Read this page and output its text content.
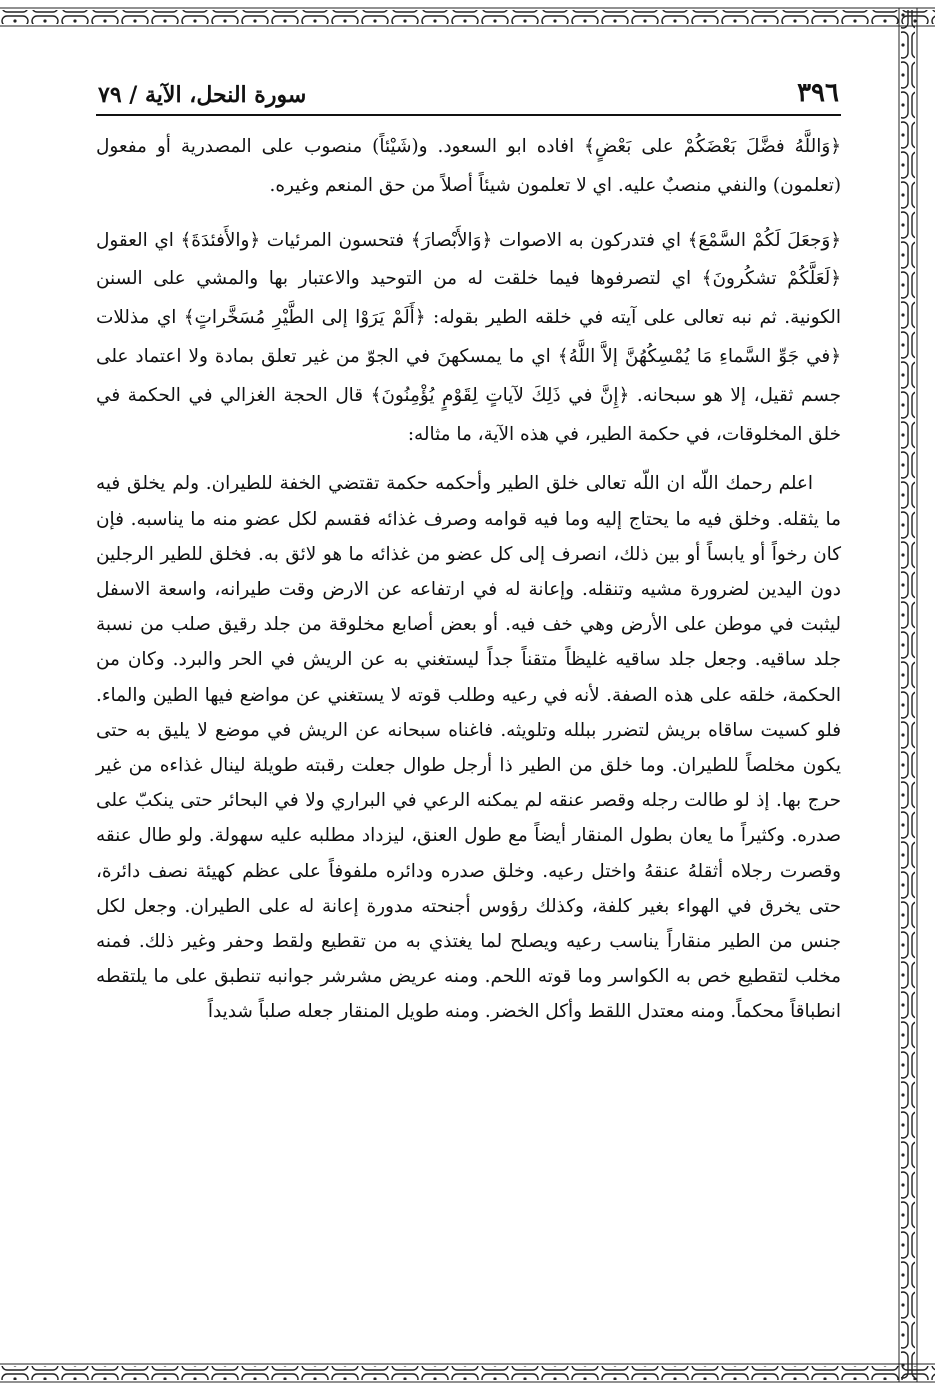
٣٩٦
سورة النحل، الآية / ٧٩

﴿وَاللَّهُ فضَّلَ بَعْضَكُمْ على بَعْضٍ﴾ افاده ابو السعود. و(شَيْئاً) منصوب على المصدرية أو مفعول (تعلمون) والنفي منصبٌ عليه. اي لا تعلمون شيئاً أصلاً من حق المنعم وغيره.

﴿وَجعَلَ لَكُمْ السَّمْعَ﴾ اي فتدركون به الاصوات ﴿وَالأَبْصارَ﴾ فتحسون المرئيات ﴿والأَفئدَةَ﴾ اي العقول ﴿لَعَلَّكُمْ تشكُرونَ﴾ اي لتصرفوها فيما خلقت له من التوحيد والاعتبار بها والمشي على السنن الكونية. ثم نبه تعالى على آيته في خلقه الطير بقوله: ﴿أَلَمْ يَرَوْا إلى الطَّيْرِ مُسَخَّراتٍ﴾ اي مذللات ﴿في جَوِّ السَّماءِ مَا يُمْسِكُهُنَّ إلاَّ اللَّهُ﴾ اي ما يمسكهنَ في الجوّ من غير تعلق بمادة ولا اعتماد على جسم ثقيل، إلا هو سبحانه. ﴿إِنَّ في ذَلِكَ لآياتٍ لِقَوْمٍ يُؤْمِنُونَ﴾ قال الحجة الغزالي في الحكمة في خلق المخلوقات، في حكمة الطير، في هذه الآية، ما مثاله:

اعلم رحمك اللّه ان اللّه تعالى خلق الطير وأحكمه حكمة تقتضي الخفة للطيران. ولم يخلق فيه ما يثقله. وخلق فيه ما يحتاج إليه وما فيه قوامه وصرف غذائه فقسم لكل عضو منه ما يناسبه. فإن كان رخواً أو يابساً أو بين ذلك، انصرف إلى كل عضو من غذائه ما هو لائق به. فخلق للطير الرجلين دون اليدين لضرورة مشيه وتنقله. وإعانة له في ارتفاعه عن الارض وقت طيرانه، واسعة الاسفل ليثبت في موطن على الأرض وهي خف فيه. أو بعض أصابع مخلوقة من جلد رقيق صلب من نسبة جلد ساقيه. وجعل جلد ساقيه غليظاً متقناً جداً ليستغني به عن الريش في الحر والبرد. وكان من الحكمة، خلقه على هذه الصفة. لأنه في رعيه وطلب قوته لا يستغني عن مواضع فيها الطين والماء. فلو كسيت ساقاه بريش لتضرر ببلله وتلويثه. فاغناه سبحانه عن الريش في موضع لا يليق به حتى يكون مخلصاً للطيران. وما خلق من الطير ذا أرجل طوال جعلت رقبته طويلة لينال غذاءه من غير حرج بها. إذ لو طالت رجله وقصر عنقه لم يمكنه الرعي في البراري ولا في البحائر حتى ينكبّ على صدره. وكثيراً ما يعان بطول المنقار أيضاً مع طول العنق، ليزداد مطلبه عليه سهولة. ولو طال عنقه وقصرت رجلاه أثقلهُ عنقهُ واختل رعيه. وخلق صدره ودائره ملفوفاً على عظم كهيئة نصف دائرة، حتى يخرق في الهواء بغير كلفة، وكذلك رؤوس أجنحته مدورة إعانة له على الطيران. وجعل لكل جنس من الطير منقاراً يناسب رعيه ويصلح لما يغتذي به من تقطيع ولقط وحفر وغير ذلك. فمنه مخلب لتقطيع خص به الكواسر وما قوته اللحم. ومنه عريض مشرشر جوانبه تنطبق على ما يلتقطه انطباقاً محكماً. ومنه معتدل اللقط وأكل الخضر. ومنه طويل المنقار جعله صلباً شديداً
